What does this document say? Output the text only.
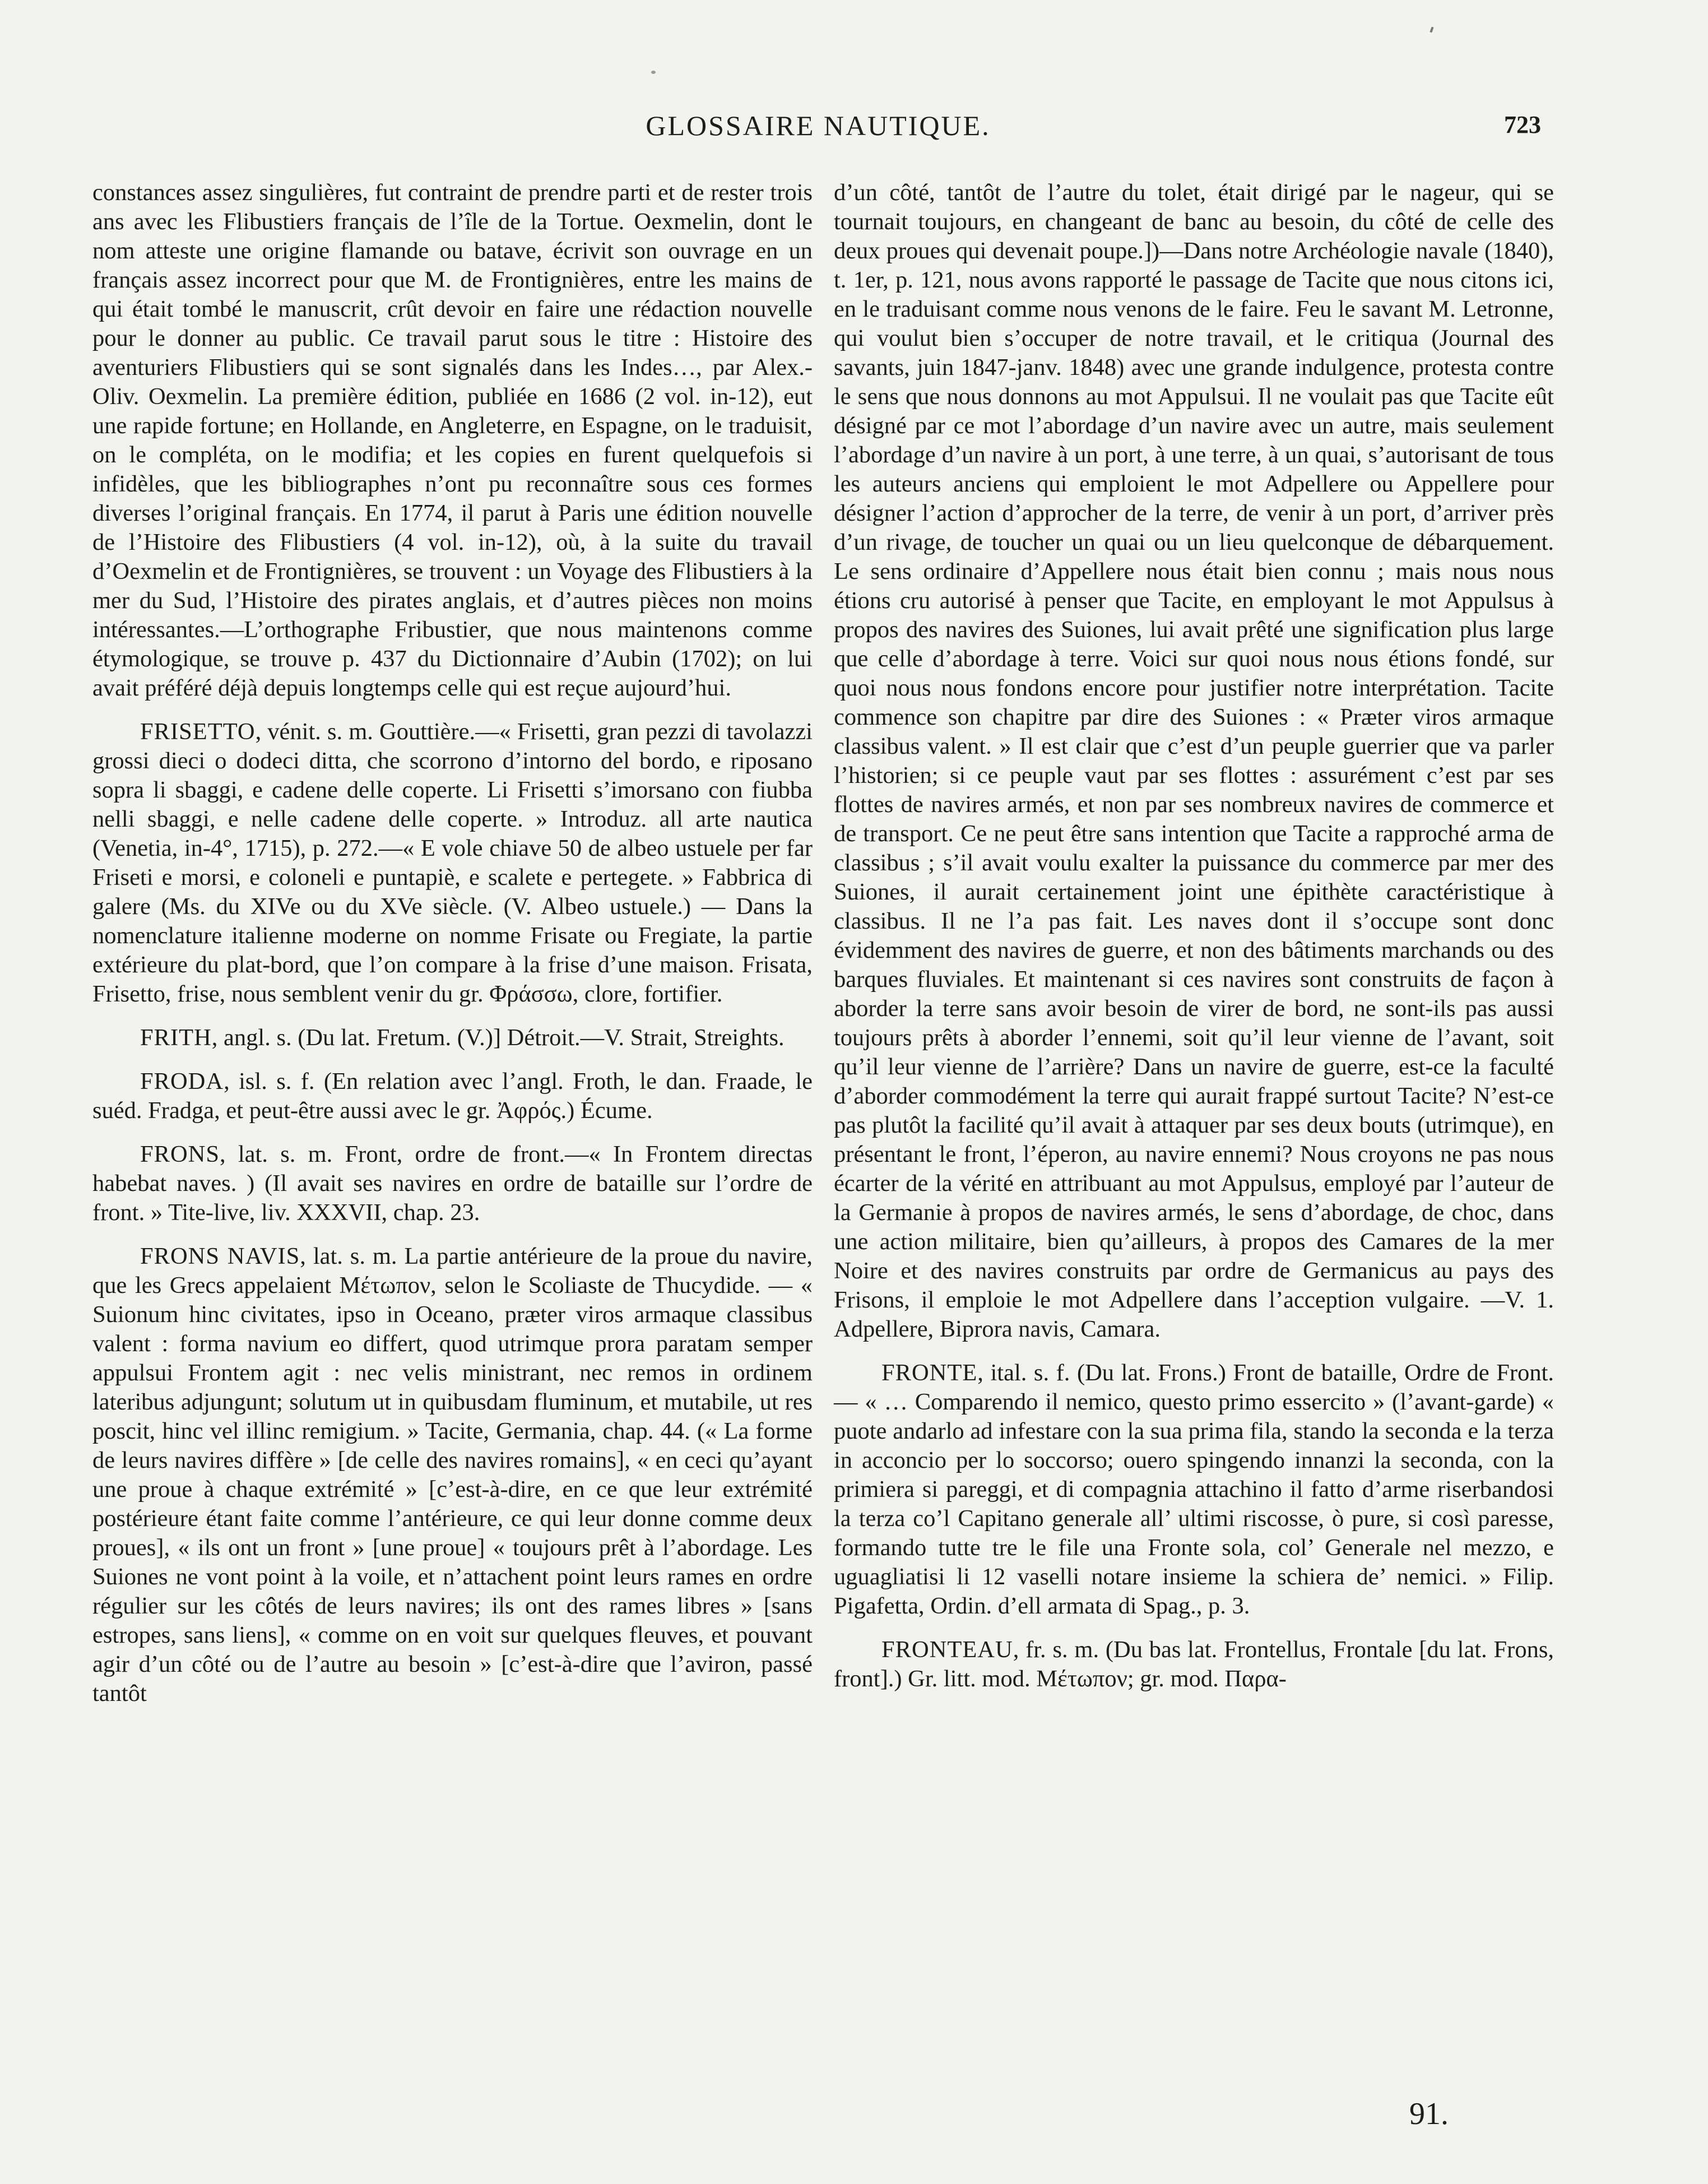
GLOSSAIRE NAUTIQUE.	723

constances assez singulières, fut contraint de prendre parti et de rester trois ans avec les Flibustiers français de l’île de la Tortue. Oexmelin, dont le nom atteste une origine flamande ou batave, écrivit son ouvrage en un français assez incorrect pour que M. de Frontignières, entre les mains de qui était tombé le manuscrit, crût devoir en faire une rédaction nouvelle pour le donner au public. Ce travail parut sous le titre : Histoire des aventuriers Flibustiers qui se sont signalés dans les Indes…, par Alex.-Oliv. Oexmelin. La première édition, publiée en 1686 (2 vol. in-12), eut une rapide fortune; en Hollande, en Angleterre, en Espagne, on le traduisit, on le compléta, on le modifia; et les copies en furent quelquefois si infidèles, que les bibliographes n’ont pu reconnaître sous ces formes diverses l’original français. En 1774, il parut à Paris une édition nouvelle de l’Histoire des Flibustiers (4 vol. in-12), où, à la suite du travail d’Oexmelin et de Frontignières, se trouvent : un Voyage des Flibustiers à la mer du Sud, l’Histoire des pirates anglais, et d’autres pièces non moins intéressantes.—L’orthographe Fribustier, que nous maintenons comme étymologique, se trouve p. 437 du Dictionnaire d’Aubin (1702); on lui avait préféré déjà depuis longtemps celle qui est reçue aujourd’hui.

FRISETTO, vénit. s. m. Gouttière.—« Frisetti, gran pezzi di tavolazzi grossi dieci o dodeci ditta, che scorrono d’intorno del bordo, e riposano sopra li sbaggi, e cadene delle coperte. Li Frisetti s’imorsano con fiubba nelli sbaggi, e nelle cadene delle coperte. » Introduz. all arte nautica (Venetia, in-4°, 1715), p. 272.—« E vole chiave 50 de albeo ustuele per far Friseti e morsi, e coloneli e puntapiè, e scalete e pertegete. » Fabbrica di galere (Ms. du XIVe ou du XVe siècle. (V. Albeo ustuele.) — Dans la nomenclature italienne moderne on nomme Frisate ou Fregiate, la partie extérieure du plat-bord, que l’on compare à la frise d’une maison. Frisata, Frisetto, frise, nous semblent venir du gr. Φράσσω, clore, fortifier.

FRITH, angl. s. (Du lat. Fretum. (V.)] Détroit.—V. Strait, Streights.

FRODA, isl. s. f. (En relation avec l’angl. Froth, le dan. Fraade, le suéd. Fradga, et peut-être aussi avec le gr. Ἀφρός.) Écume.

FRONS, lat. s. m. Front, ordre de front.—« In Frontem directas habebat naves. ) (Il avait ses navires en ordre de bataille sur l’ordre de front. » Tite-live, liv. XXXVII, chap. 23.

FRONS NAVIS, lat. s. m. La partie antérieure de la proue du navire, que les Grecs appelaient Μέτωπον, selon le Scoliaste de Thucydide. — « Suionum hinc civitates, ipso in Oceano, præter viros armaque classibus valent : forma navium eo differt, quod utrimque prora paratam semper appulsui Frontem agit : nec velis ministrant, nec remos in ordinem lateribus adjungunt; solutum ut in quibusdam fluminum, et mutabile, ut res poscit, hinc vel illinc remigium. » Tacite, Germania, chap. 44. (« La forme de leurs navires diffère » [de celle des navires romains], « en ceci qu’ayant une proue à chaque extrémité » [c’est-à-dire, en ce que leur extrémité postérieure étant faite comme l’antérieure, ce qui leur donne comme deux proues], « ils ont un front » [une proue] « toujours prêt à l’abordage. Les Suiones ne vont point à la voile, et n’attachent point leurs rames en ordre régulier sur les côtés de leurs navires; ils ont des rames libres » [sans estropes, sans liens], « comme on en voit sur quelques fleuves, et pouvant agir d’un côté ou de l’autre au besoin » [c’est-à-dire que l’aviron, passé tantôt

d’un côté, tantôt de l’autre du tolet, était dirigé par le nageur, qui se tournait toujours, en changeant de banc au besoin, du côté de celle des deux proues qui devenait poupe.])—Dans notre Archéologie navale (1840), t. 1er, p. 121, nous avons rapporté le passage de Tacite que nous citons ici, en le traduisant comme nous venons de le faire. Feu le savant M. Letronne, qui voulut bien s’occuper de notre travail, et le critiqua (Journal des savants, juin 1847-janv. 1848) avec une grande indulgence, protesta contre le sens que nous donnons au mot Appulsui. Il ne voulait pas que Tacite eût désigné par ce mot l’abordage d’un navire avec un autre, mais seulement l’abordage d’un navire à un port, à une terre, à un quai, s’autorisant de tous les auteurs anciens qui emploient le mot Adpellere ou Appellere pour désigner l’action d’approcher de la terre, de venir à un port, d’arriver près d’un rivage, de toucher un quai ou un lieu quelconque de débarquement. Le sens ordinaire d’Appellere nous était bien connu ; mais nous nous étions cru autorisé à penser que Tacite, en employant le mot Appulsus à propos des navires des Suiones, lui avait prêté une signification plus large que celle d’abordage à terre. Voici sur quoi nous nous étions fondé, sur quoi nous nous fondons encore pour justifier notre interprétation. Tacite commence son chapitre par dire des Suiones : « Præter viros armaque classibus valent. » Il est clair que c’est d’un peuple guerrier que va parler l’historien; si ce peuple vaut par ses flottes : assurément c’est par ses flottes de navires armés, et non par ses nombreux navires de commerce et de transport. Ce ne peut être sans intention que Tacite a rapproché arma de classibus ; s’il avait voulu exalter la puissance du commerce par mer des Suiones, il aurait certainement joint une épithète caractéristique à classibus. Il ne l’a pas fait. Les naves dont il s’occupe sont donc évidemment des navires de guerre, et non des bâtiments marchands ou des barques fluviales. Et maintenant si ces navires sont construits de façon à aborder la terre sans avoir besoin de virer de bord, ne sont-ils pas aussi toujours prêts à aborder l’ennemi, soit qu’il leur vienne de l’avant, soit qu’il leur vienne de l’arrière? Dans un navire de guerre, est-ce la faculté d’aborder commodément la terre qui aurait frappé surtout Tacite? N’est-ce pas plutôt la facilité qu’il avait à attaquer par ses deux bouts (utrimque), en présentant le front, l’éperon, au navire ennemi? Nous croyons ne pas nous écarter de la vérité en attribuant au mot Appulsus, employé par l’auteur de la Germanie à propos de navires armés, le sens d’abordage, de choc, dans une action militaire, bien qu’ailleurs, à propos des Camares de la mer Noire et des navires construits par ordre de Germanicus au pays des Frisons, il emploie le mot Adpellere dans l’acception vulgaire. —V. 1. Adpellere, Biprora navis, Camara.

FRONTE, ital. s. f. (Du lat. Frons.) Front de bataille, Ordre de Front.— « … Comparendo il nemico, questo primo essercito » (l’avant-garde) « puote andarlo ad infestare con la sua prima fila, stando la seconda e la terza in acconcio per lo soccorso; ouero spingendo innanzi la seconda, con la primiera si pareggi, et di compagnia attachino il fatto d’arme riserbandosi la terza co’l Capitano generale all’ ultimi riscosse, ò pure, si così paresse, formando tutte tre le file una Fronte sola, col’ Generale nel mezzo, e uguagliatisi li 12 vaselli notare insieme la schiera de’ nemici. » Filip. Pigafetta, Ordin. d’ell armata di Spag., p. 3.

FRONTEAU, fr. s. m. (Du bas lat. Frontellus, Frontale [du lat. Frons, front].) Gr. litt. mod. Μέτωπον; gr. mod. Παρα-

91.
